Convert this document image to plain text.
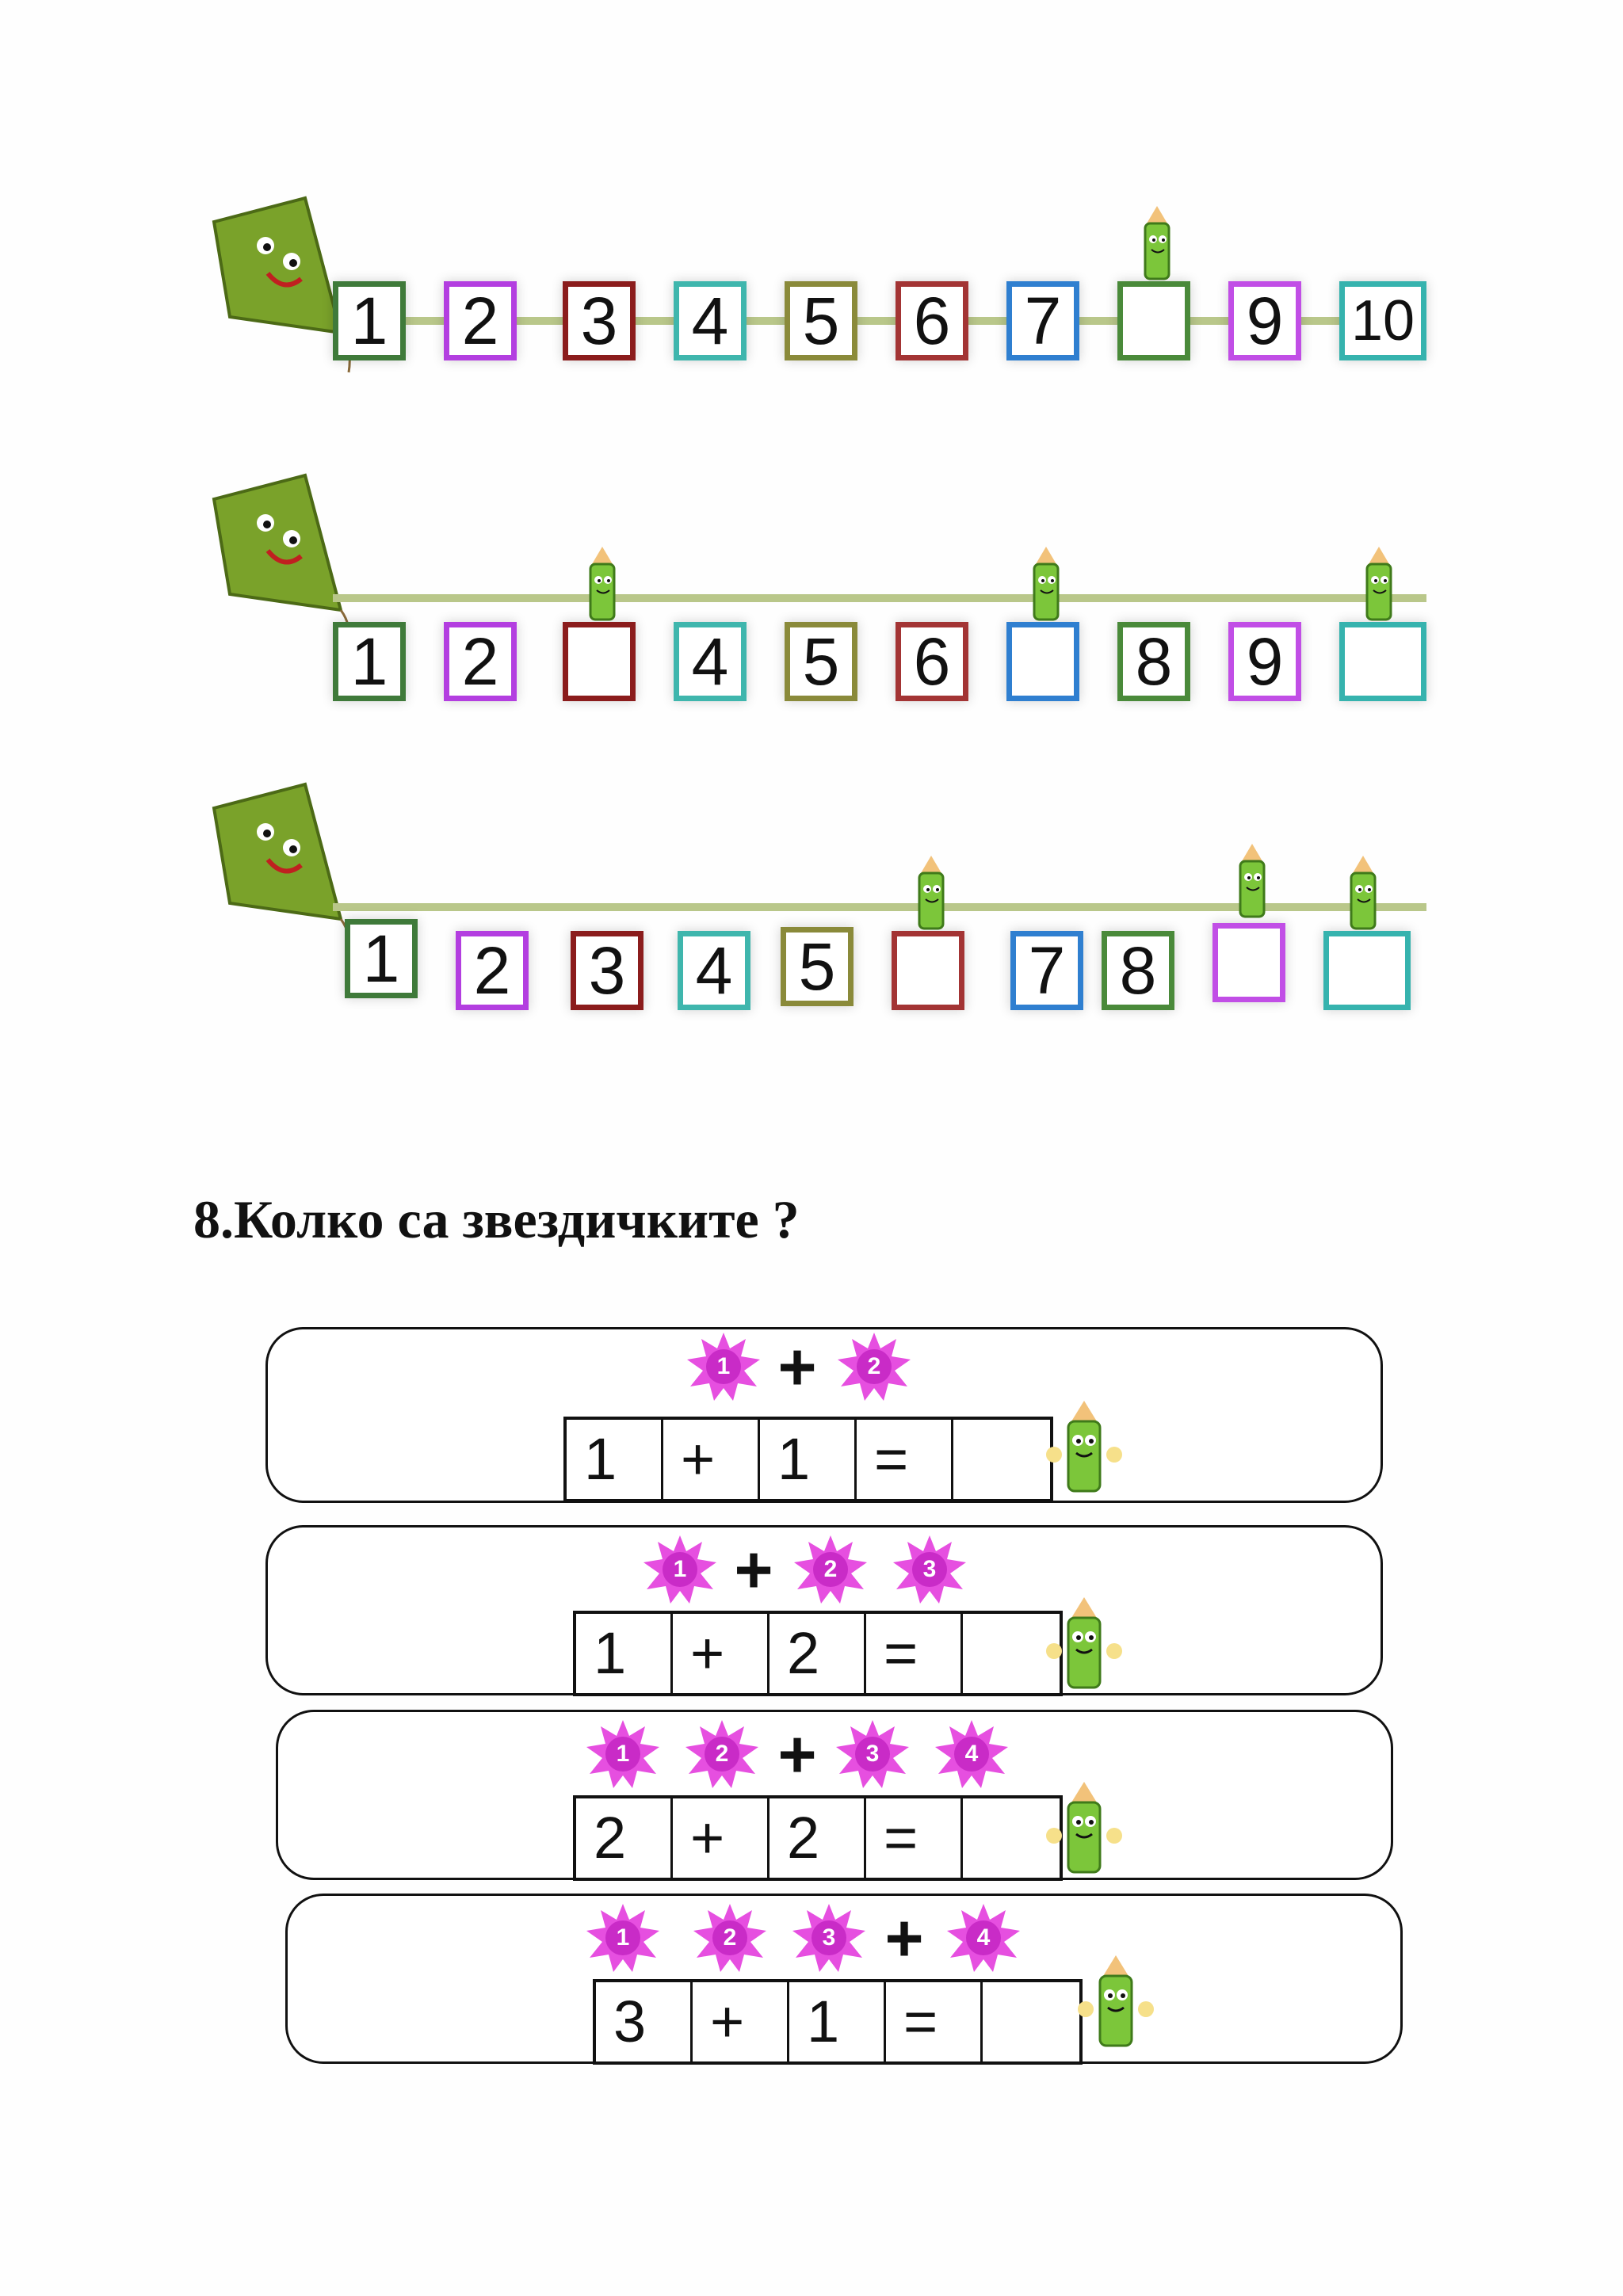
1 2 3 4 5 6 7	9	10
1 2	4 5 6	8 9
1 2 3 4 5	7 8
8.Колко са звездичките ?
1 +	2
1	+	1	=
1 +	2	3
1	+	2	=
1	2 +	3	4
2	+	2	=
1	2	3 +	4
3	+	1	=
